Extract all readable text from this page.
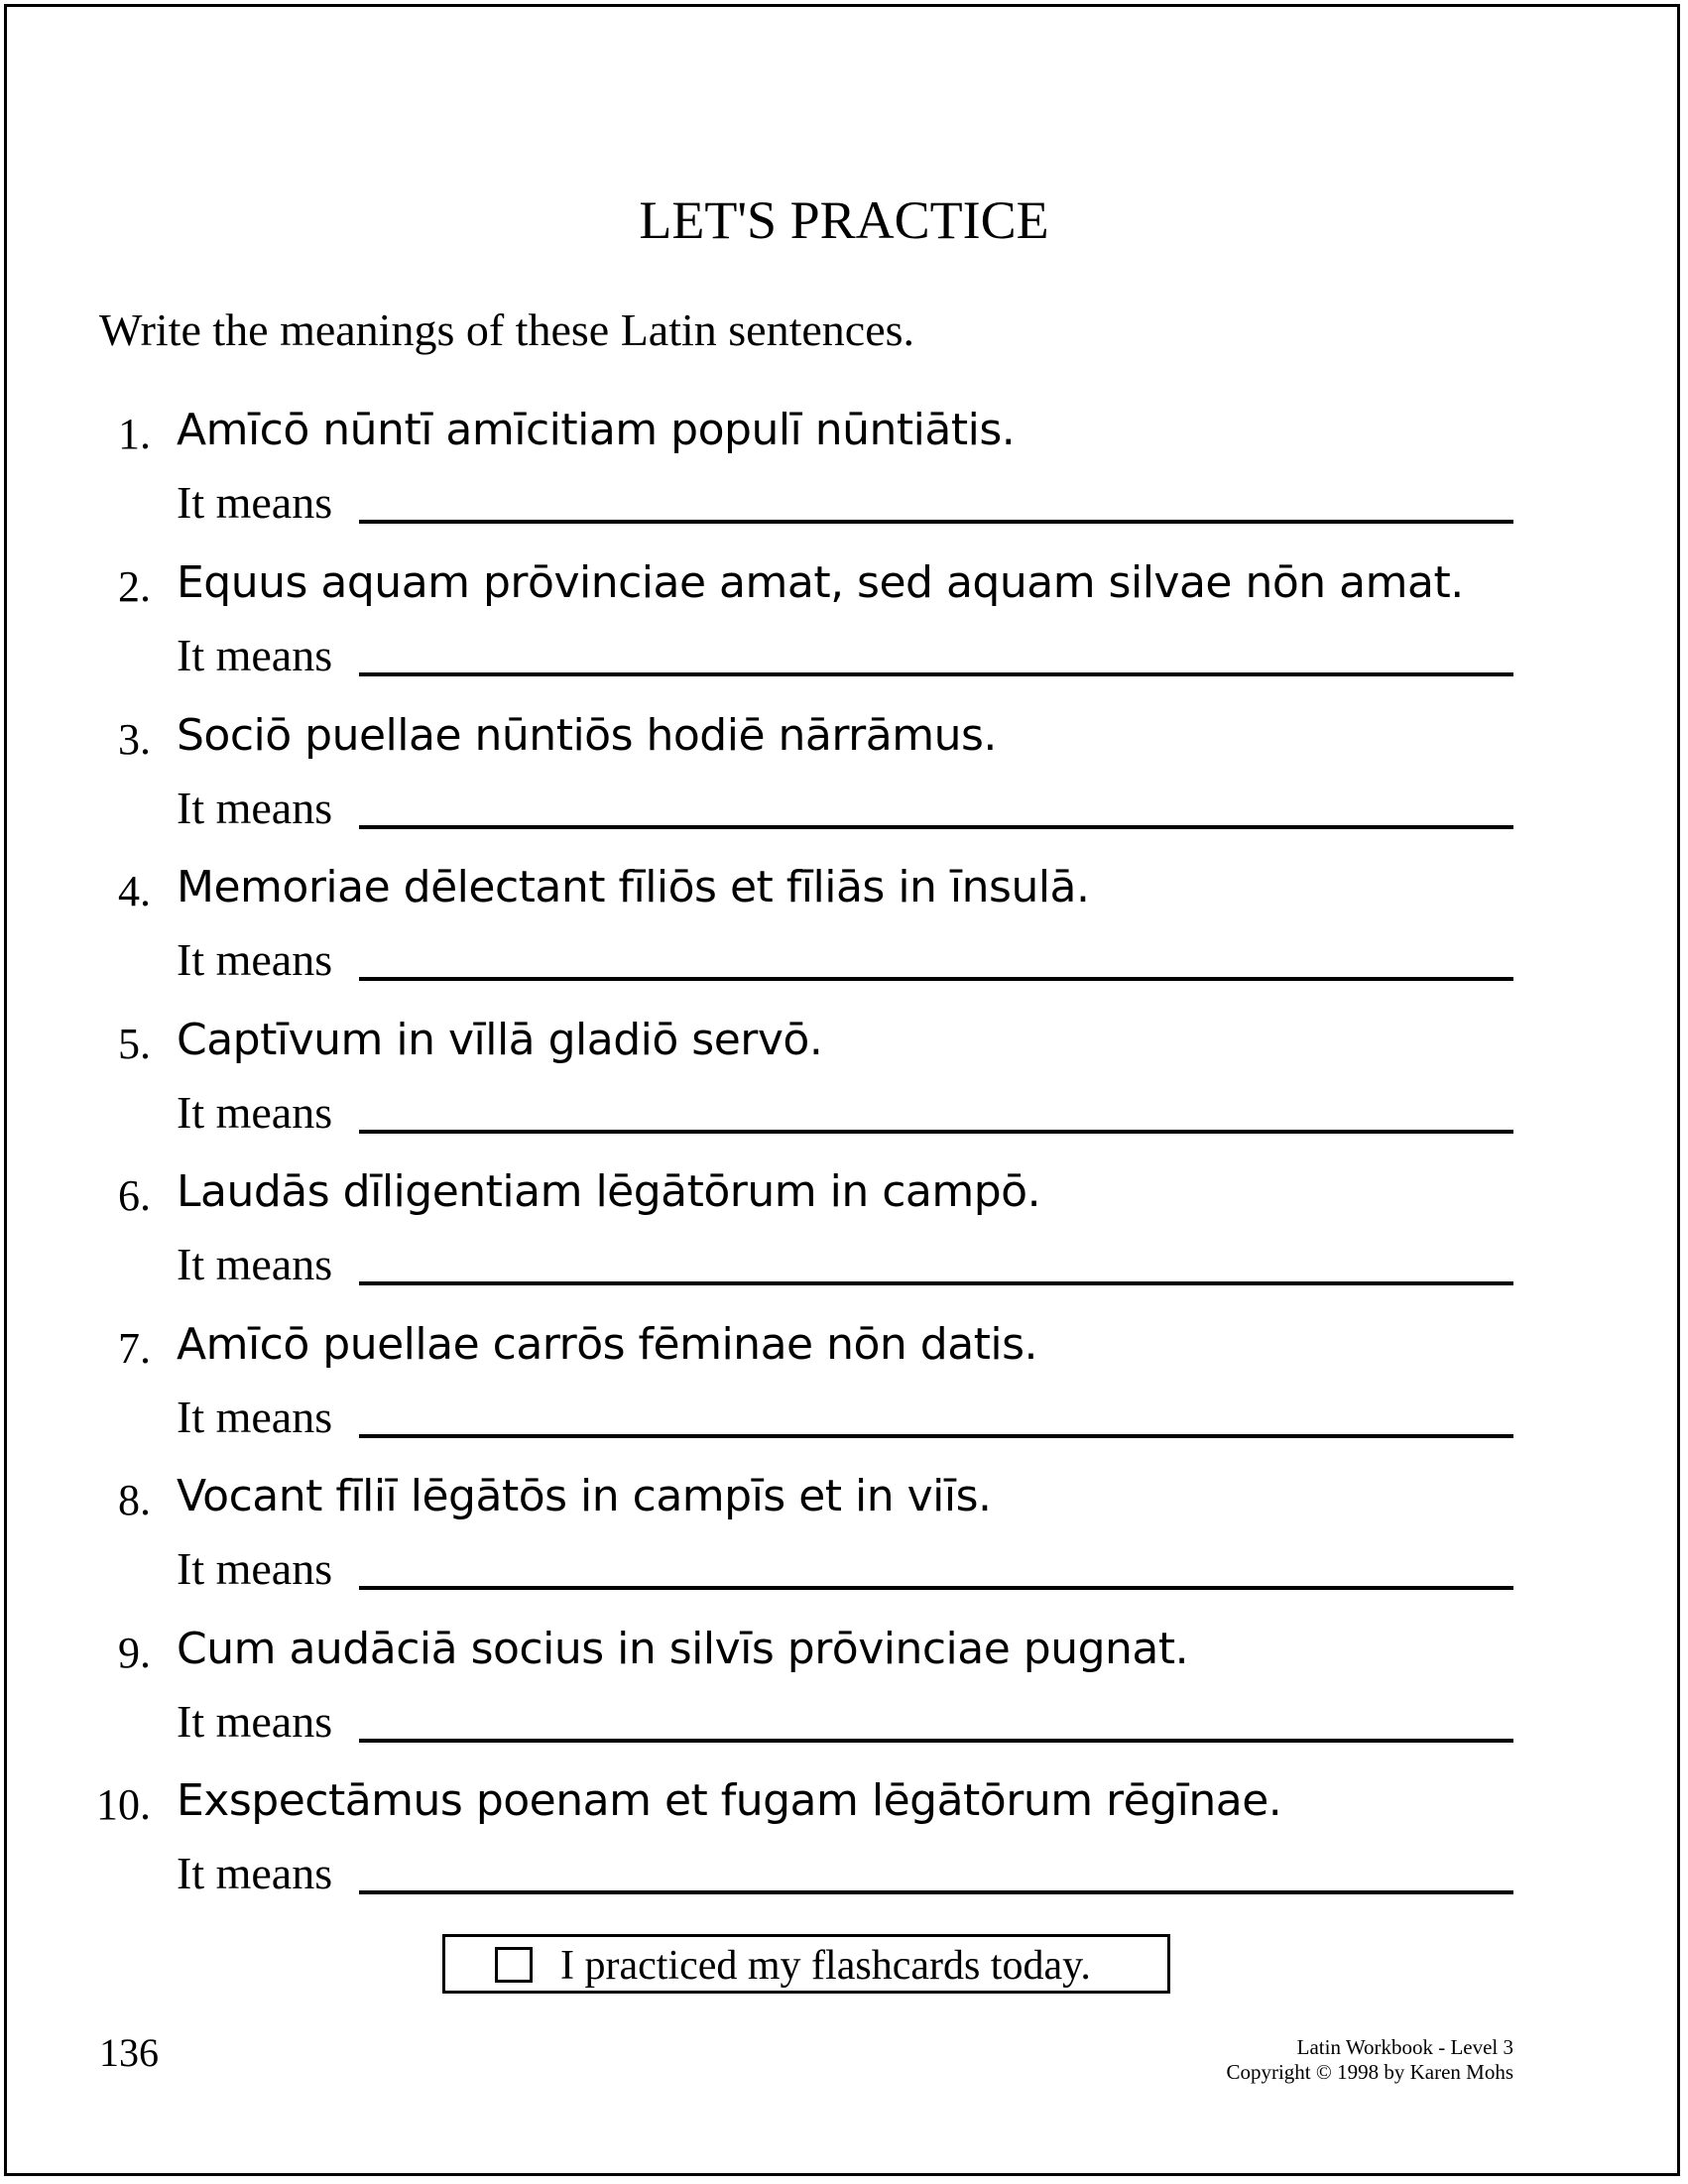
LET'S PRACTICE
Write the meanings of these Latin sentences.
1. Amīcō nūntī amīcitiam populī nūntiātis.
It means
2. Equus aquam prōvinciae amat, sed aquam silvae nōn amat.
It means
3. Sociō puellae nūntiōs hodiē nārrāmus.
It means
4. Memoriae dēlectant fīliōs et fīliās in īnsulā.
It means
5. Captīvum in vīllā gladiō servō.
It means
6. Laudās dīligentiam lēgātōrum in campō.
It means
7. Amīcō puellae carrōs fēminae nōn datis.
It means
8. Vocant fīliī lēgātōs in campīs et in viīs.
It means
9. Cum audāciā socius in silvīs prōvinciae pugnat.
It means
10. Exspectāmus poenam et fugam lēgātōrum rēgīnae.
It means
I practiced my flashcards today.
136	Latin Workbook - Level 3
Copyright © 1998 by Karen Mohs
